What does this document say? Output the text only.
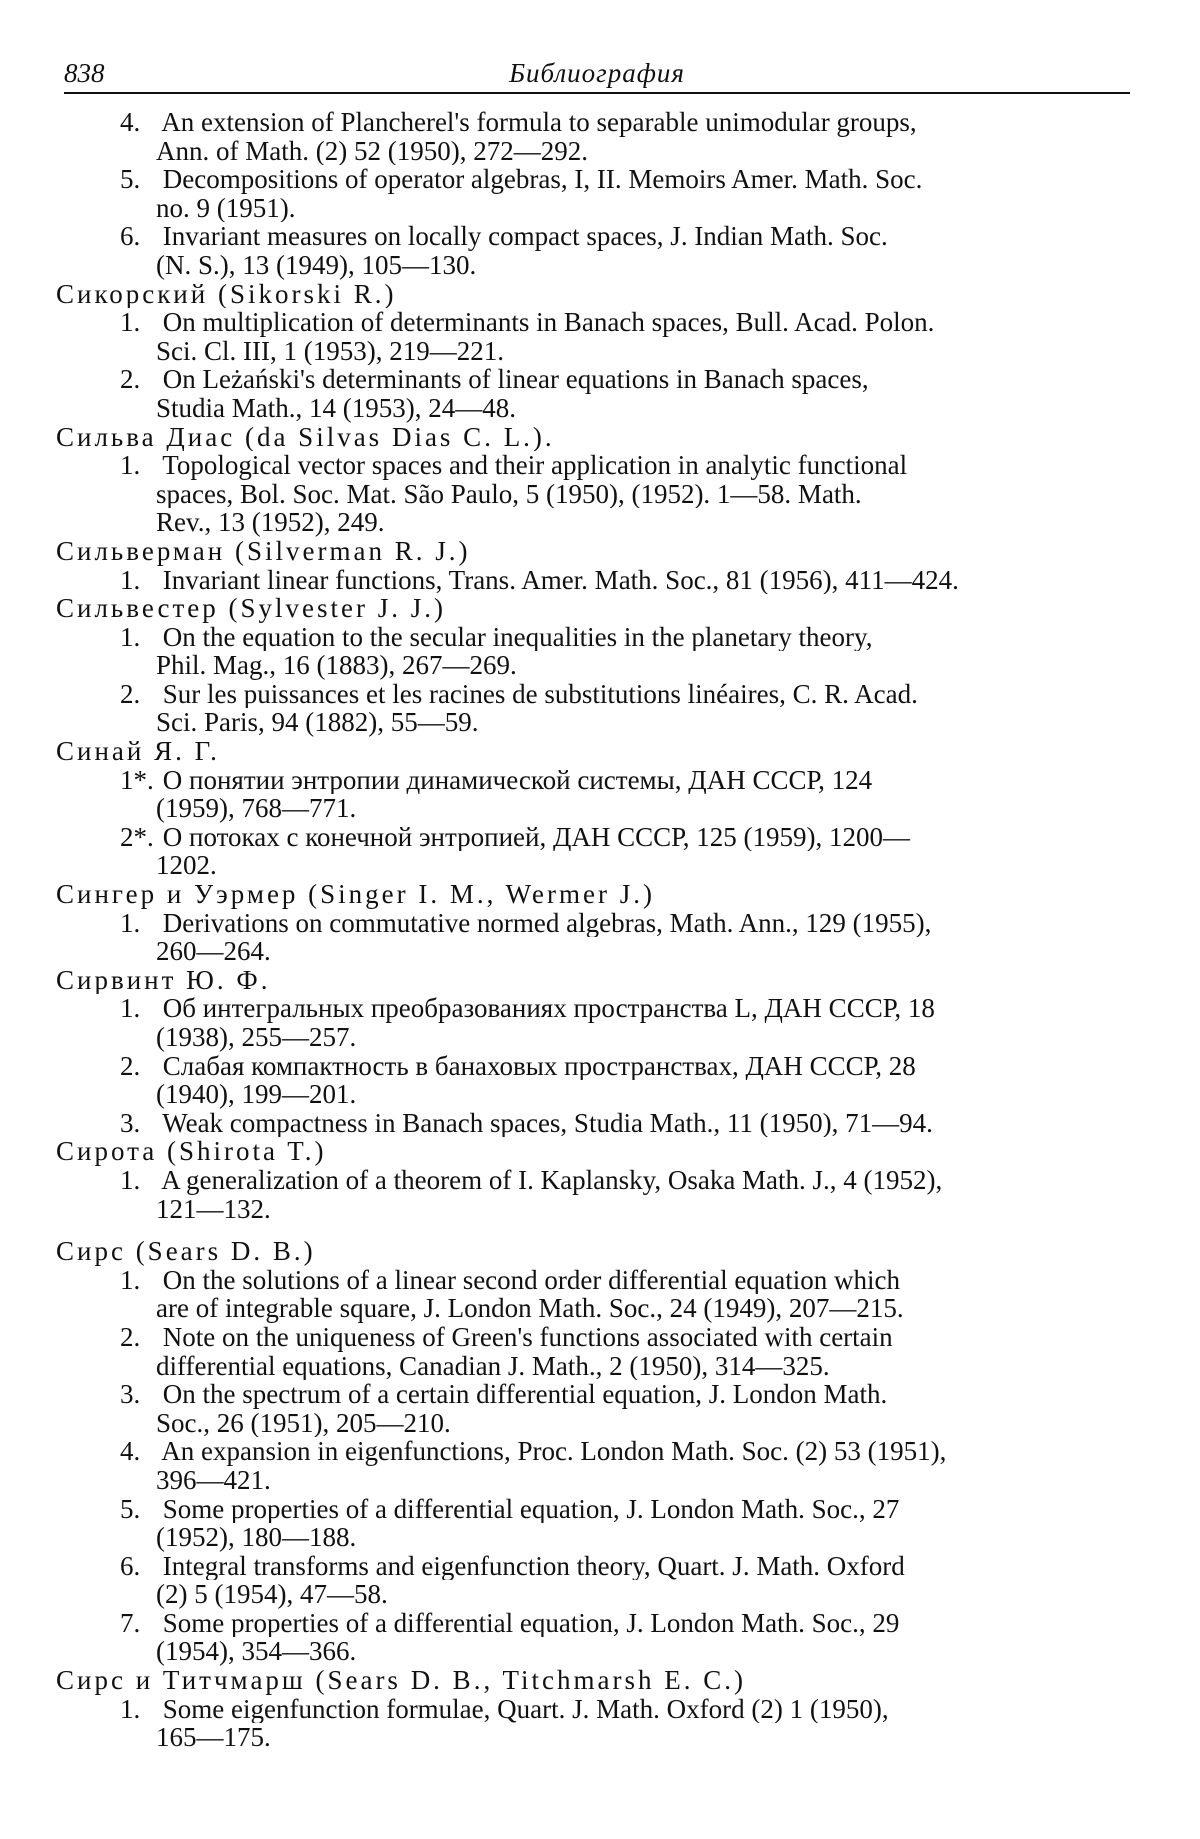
838	Библиография
4. An extension of Plancherel's formula to separable unimodular groups,
Ann. of Math. (2) 52 (1950), 272—292.
5. Decompositions of operator algebras, I, II. Memoirs Amer. Math. Soc.
no. 9 (1951).
6. Invariant measures on locally compact spaces, J. Indian Math. Soc.
(N. S.), 13 (1949), 105—130.
Сикорский (Sikorski R.)
1. On multiplication of determinants in Banach spaces, Bull. Acad. Polon.
Sci. Cl. III, 1 (1953), 219—221.
2. On Leżański's determinants of linear equations in Banach spaces,
Studia Math., 14 (1953), 24—48.
Сильва Диас (da Silvas Dias C. L.).
1. Topological vector spaces and their application in analytic functional
spaces, Bol. Soc. Mat. São Paulo, 5 (1950), (1952). 1—58. Math.
Rev., 13 (1952), 249.
Сильверман (Silverman R. J.)
1. Invariant linear functions, Trans. Amer. Math. Soc., 81 (1956), 411—424.
Сильвестер (Sylvester J. J.)
1. On the equation to the secular inequalities in the planetary theory,
Phil. Mag., 16 (1883), 267—269.
2. Sur les puissances et les racines de substitutions linéaires, C. R. Acad.
Sci. Paris, 94 (1882), 55—59.
Синай Я. Г.
1*. О понятии энтропии динамической системы, ДАН СССР, 124
(1959), 768—771.
2*. О потоках с конечной энтропией, ДАН СССР, 125 (1959), 1200—
1202.
Сингер и Уэрмер (Singer I. M., Wermer J.)
1. Derivations on commutative normed algebras, Math. Ann., 129 (1955),
260—264.
Сирвинт Ю. Ф.
1. Об интегральных преобразованиях пространства L, ДАН СССР, 18
(1938), 255—257.
2. Слабая компактность в банаховых пространствах, ДАН СССР, 28
(1940), 199—201.
3. Weak compactness in Banach spaces, Studia Math., 11 (1950), 71—94.
Сирота (Shirota T.)
1. A generalization of a theorem of I. Kaplansky, Osaka Math. J., 4 (1952),
121—132.
Сирс (Sears D. B.)
1. On the solutions of a linear second order differential equation which
are of integrable square, J. London Math. Soc., 24 (1949), 207—215.
2. Note on the uniqueness of Green's functions associated with certain
differential equations, Canadian J. Math., 2 (1950), 314—325.
3. On the spectrum of a certain differential equation, J. London Math.
Soc., 26 (1951), 205—210.
4. An expansion in eigenfunctions, Proc. London Math. Soc. (2) 53 (1951),
396—421.
5. Some properties of a differential equation, J. London Math. Soc., 27
(1952), 180—188.
6. Integral transforms and eigenfunction theory, Quart. J. Math. Oxford
(2) 5 (1954), 47—58.
7. Some properties of a differential equation, J. London Math. Soc., 29
(1954), 354—366.
Сирс и Титчмарш (Sears D. B., Titchmarsh E. C.)
1. Some eigenfunction formulae, Quart. J. Math. Oxford (2) 1 (1950),
165—175.
